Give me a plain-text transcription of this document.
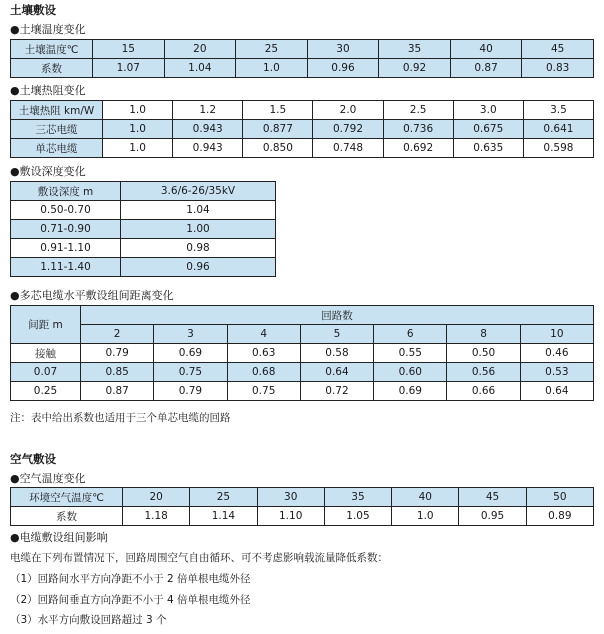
土壤敷设
●土壤温度变化
土壤温度℃	15	20	25	30	35	40	45
系数	1.07	1.04	1.0	0.96	0.92	0.87	0.83
●土壤热阻变化
土壤热阻 km/W	1.0	1.2	1.5	2.0	2.5	3.0	3.5
三芯电缆	1.0	0.943	0.877	0.792	0.736	0.675	0.641
单芯电缆	1.0	0.943	0.850	0.748	0.692	0.635	0.598
●敷设深度变化
敷设深度 m	3.6/6-26/35kV
0.50-0.70	1.04
0.71-0.90	1.00
0.91-1.10	0.98
1.11-1.40	0.96
●多芯电缆水平敷设组间距离变化
间距 m	回路数						
	2	3	4	5	6	8	10
接触	0.79	0.69	0.63	0.58	0.55	0.50	0.46
0.07	0.85	0.75	0.68	0.64	0.60	0.56	0.53
0.25	0.87	0.79	0.75	0.72	0.69	0.66	0.64
注：表中给出系数也适用于三个单芯电缆的回路
空气敷设
●空气温度变化
环境空气温度℃	20	25	30	35	40	45	50
系数	1.18	1.14	1.10	1.05	1.0	0.95	0.89
●电缆敷设组间影响
电缆在下列布置情况下，回路周围空气自由循环、可不考虑影响载流量降低系数：
（1）回路间水平方向净距不小于 2 倍单根电缆外径
（2）回路间垂直方向净距不小于 4 倍单根电缆外径
（3）水平方向敷设回路超过 3 个
